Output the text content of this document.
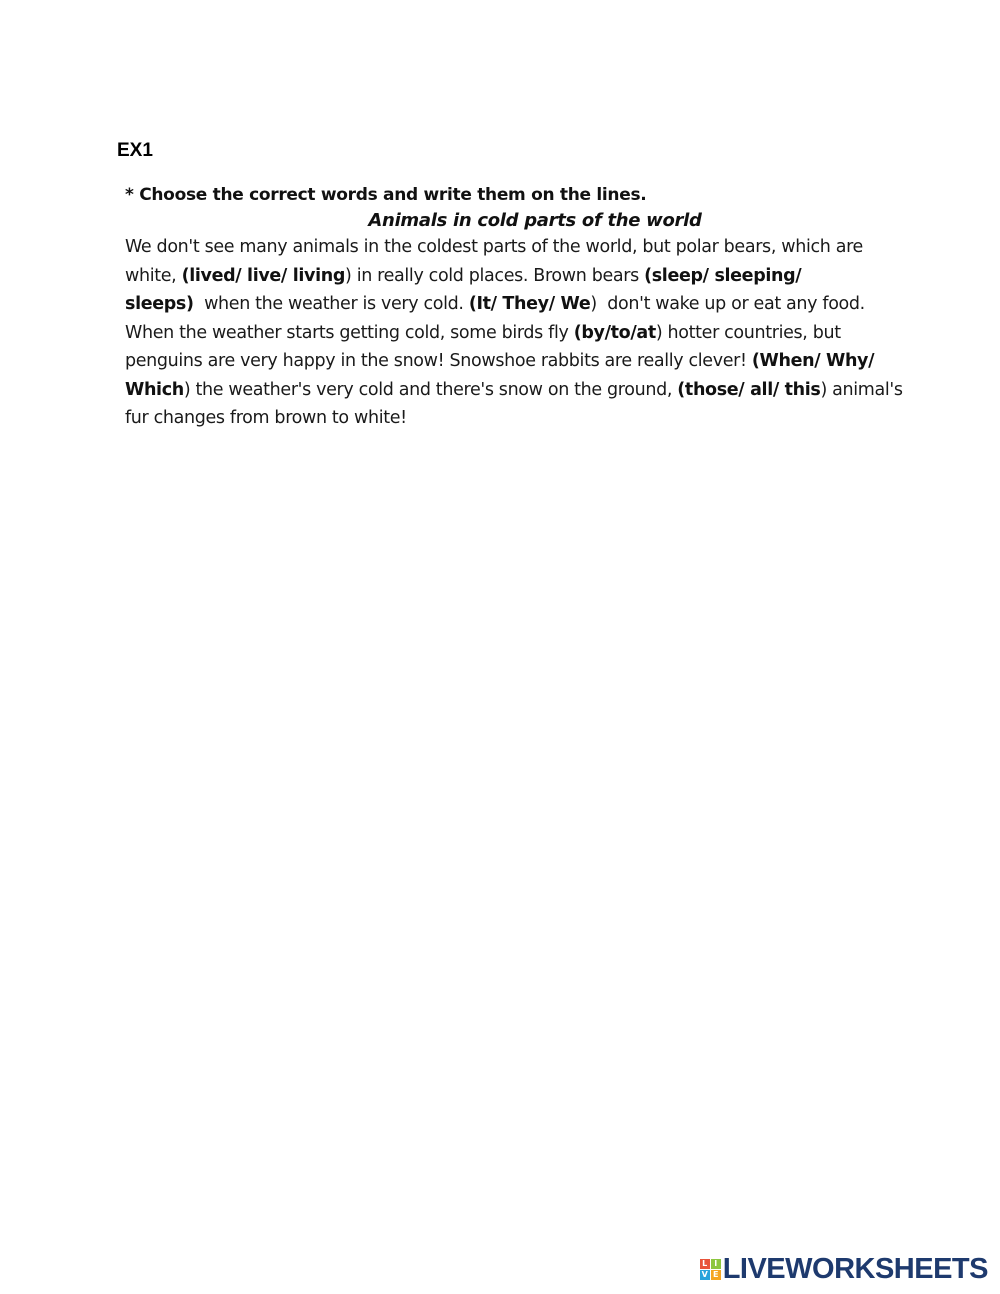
EX1
* Choose the correct words and write them on the lines.
Animals in cold parts of the world
We don't see many animals in the coldest parts of the world, but polar bears, which are
white, (lived/ live/ living) in really cold places. Brown bears (sleep/ sleeping/
sleeps)  when the weather is very cold. (It/ They/ We)  don't wake up or eat any food.
When the weather starts getting cold, some birds fly (by/to/at) hotter countries, but
penguins are very happy in the snow! Snowshoe rabbits are really clever! (When/ Why/
Which) the weather's very cold and there's snow on the ground, (those/ all/ this) animal's
fur changes from brown to white!
L I
V E LIVEWORKSHEETS
